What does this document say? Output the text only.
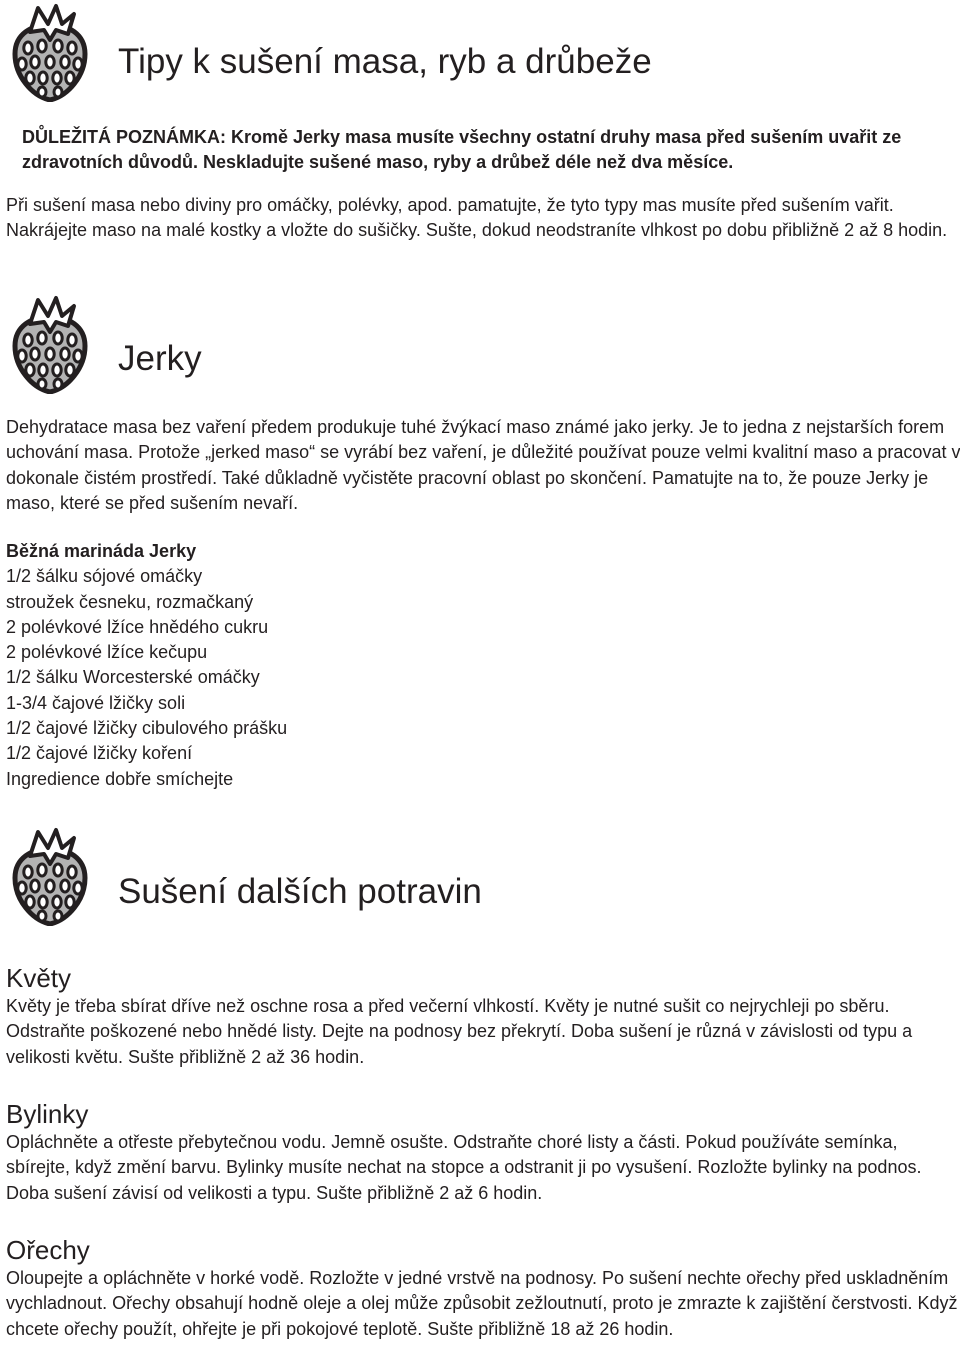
Tipy k sušení masa, ryb a drůbeže

DŮLEŽITÁ POZNÁMKA: Kromě Jerky masa musíte všechny ostatní druhy masa před sušením uvařit ze zdravotních důvodů. Neskladujte sušené maso, ryby a drůbež déle než dva měsíce.

Při sušení masa nebo diviny pro omáčky, polévky, apod. pamatujte, že tyto typy mas musíte před sušením vařit. Nakrájejte maso na malé kostky a vložte do sušičky. Sušte, dokud neodstraníte vlhkost po dobu přibližně 2 až 8 hodin.

Jerky

Dehydratace masa bez vaření předem produkuje tuhé žvýkací maso známé jako jerky. Je to jedna z nejstarších forem uchování masa. Protože „jerked maso“ se vyrábí bez vaření, je důležité používat pouze velmi kvalitní maso a pracovat v dokonale čistém prostředí. Také důkladně vyčistěte pracovní oblast po skončení. Pamatujte na to, že pouze Jerky je maso, které se před sušením nevaří.

Běžná marináda Jerky
1/2 šálku sójové omáčky
stroužek česneku, rozmačkaný
2 polévkové lžíce hnědého cukru
2 polévkové lžíce kečupu
1/2 šálku Worcesterské omáčky
1-3/4 čajové lžičky soli
1/2 čajové lžičky cibulového prášku
1/2 čajové lžičky koření
Ingredience dobře smíchejte
Sušení dalších potravin
Květy

Květy je třeba sbírat dříve než oschne rosa a před večerní vlhkostí. Květy je nutné sušit co nejrychleji po sběru. Odstraňte poškozené nebo hnědé listy. Dejte na podnosy bez překrytí. Doba sušení je různá v závislosti od typu a velikosti květu. Sušte přibližně 2 až 36 hodin.

Bylinky

Opláchněte a otřeste přebytečnou vodu. Jemně osušte. Odstraňte choré listy a části. Pokud používáte semínka, sbírejte, když změní barvu. Bylinky musíte nechat na stopce a odstranit ji po vysušení. Rozložte bylinky na podnos. Doba sušení závisí od velikosti a typu. Sušte přibližně 2 až 6 hodin.

Ořechy

Oloupejte a opláchněte v horké vodě. Rozložte v jedné vrstvě na podnosy. Po sušení nechte ořechy před uskladněním vychladnout. Ořechy obsahují hodně oleje a olej může způsobit zežloutnutí, proto je zmrazte k zajištění čerstvosti. Když chcete ořechy použít, ohřejte je při pokojové teplotě. Sušte přibližně 18 až 26 hodin.
